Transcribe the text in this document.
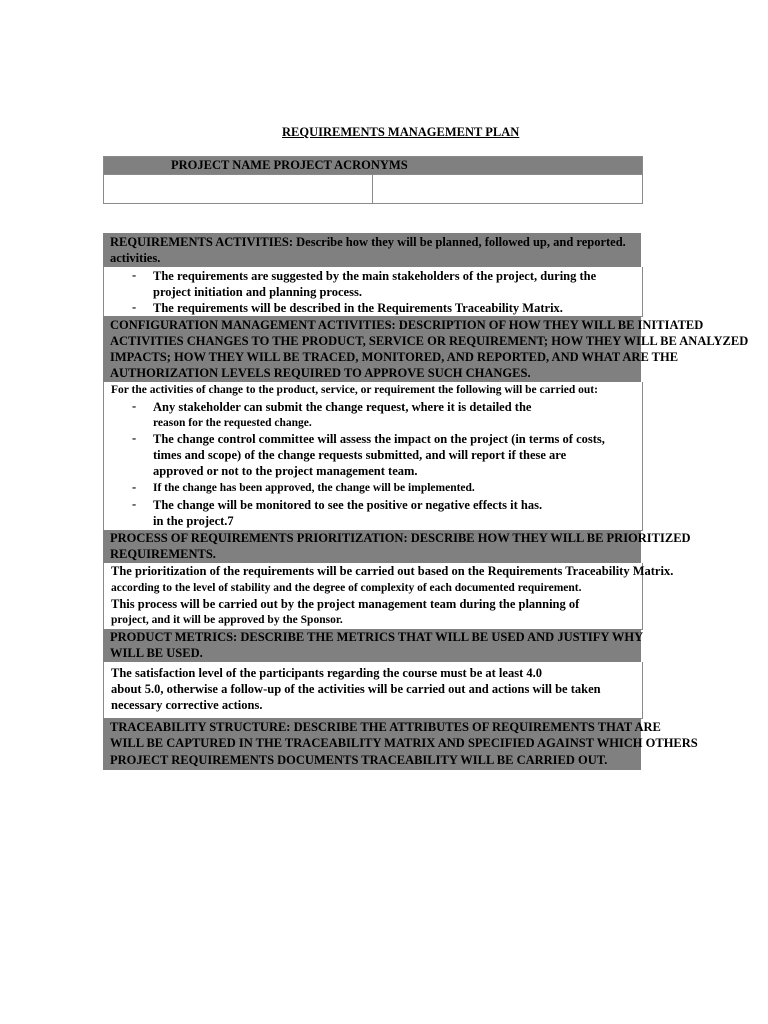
REQUIREMENTS MANAGEMENT PLAN
PROJECT NAME PROJECT ACRONYMS
REQUIREMENTS ACTIVITIES: Describe how they will be planned, followed up, and reported.
activities.
- The requirements are suggested by the main stakeholders of the project, during the
project initiation and planning process.
- The requirements will be described in the Requirements Traceability Matrix.
CONFIGURATION MANAGEMENT ACTIVITIES: DESCRIPTION OF HOW THEY WILL BE INITIATED
ACTIVITIES CHANGES TO THE PRODUCT, SERVICE OR REQUIREMENT; HOW THEY WILL BE ANALYZED
IMPACTS; HOW THEY WILL BE TRACED, MONITORED, AND REPORTED, AND WHAT ARE THE
AUTHORIZATION LEVELS REQUIRED TO APPROVE SUCH CHANGES.
For the activities of change to the product, service, or requirement the following will be carried out:
- Any stakeholder can submit the change request, where it is detailed the
reason for the requested change.
- The change control committee will assess the impact on the project (in terms of costs,
times and scope) of the change requests submitted, and will report if these are
approved or not to the project management team.
- If the change has been approved, the change will be implemented.
- The change will be monitored to see the positive or negative effects it has.
in the project.7
PROCESS OF REQUIREMENTS PRIORITIZATION: DESCRIBE HOW THEY WILL BE PRIORITIZED
REQUIREMENTS.
The prioritization of the requirements will be carried out based on the Requirements Traceability Matrix.
according to the level of stability and the degree of complexity of each documented requirement.
This process will be carried out by the project management team during the planning of
project, and it will be approved by the Sponsor.
PRODUCT METRICS: DESCRIBE THE METRICS THAT WILL BE USED AND JUSTIFY WHY
WILL BE USED.
The satisfaction level of the participants regarding the course must be at least 4.0
about 5.0, otherwise a follow-up of the activities will be carried out and actions will be taken
necessary corrective actions.
TRACEABILITY STRUCTURE: DESCRIBE THE ATTRIBUTES OF REQUIREMENTS THAT ARE
WILL BE CAPTURED IN THE TRACEABILITY MATRIX AND SPECIFIED AGAINST WHICH OTHERS
PROJECT REQUIREMENTS DOCUMENTS TRACEABILITY WILL BE CARRIED OUT.
